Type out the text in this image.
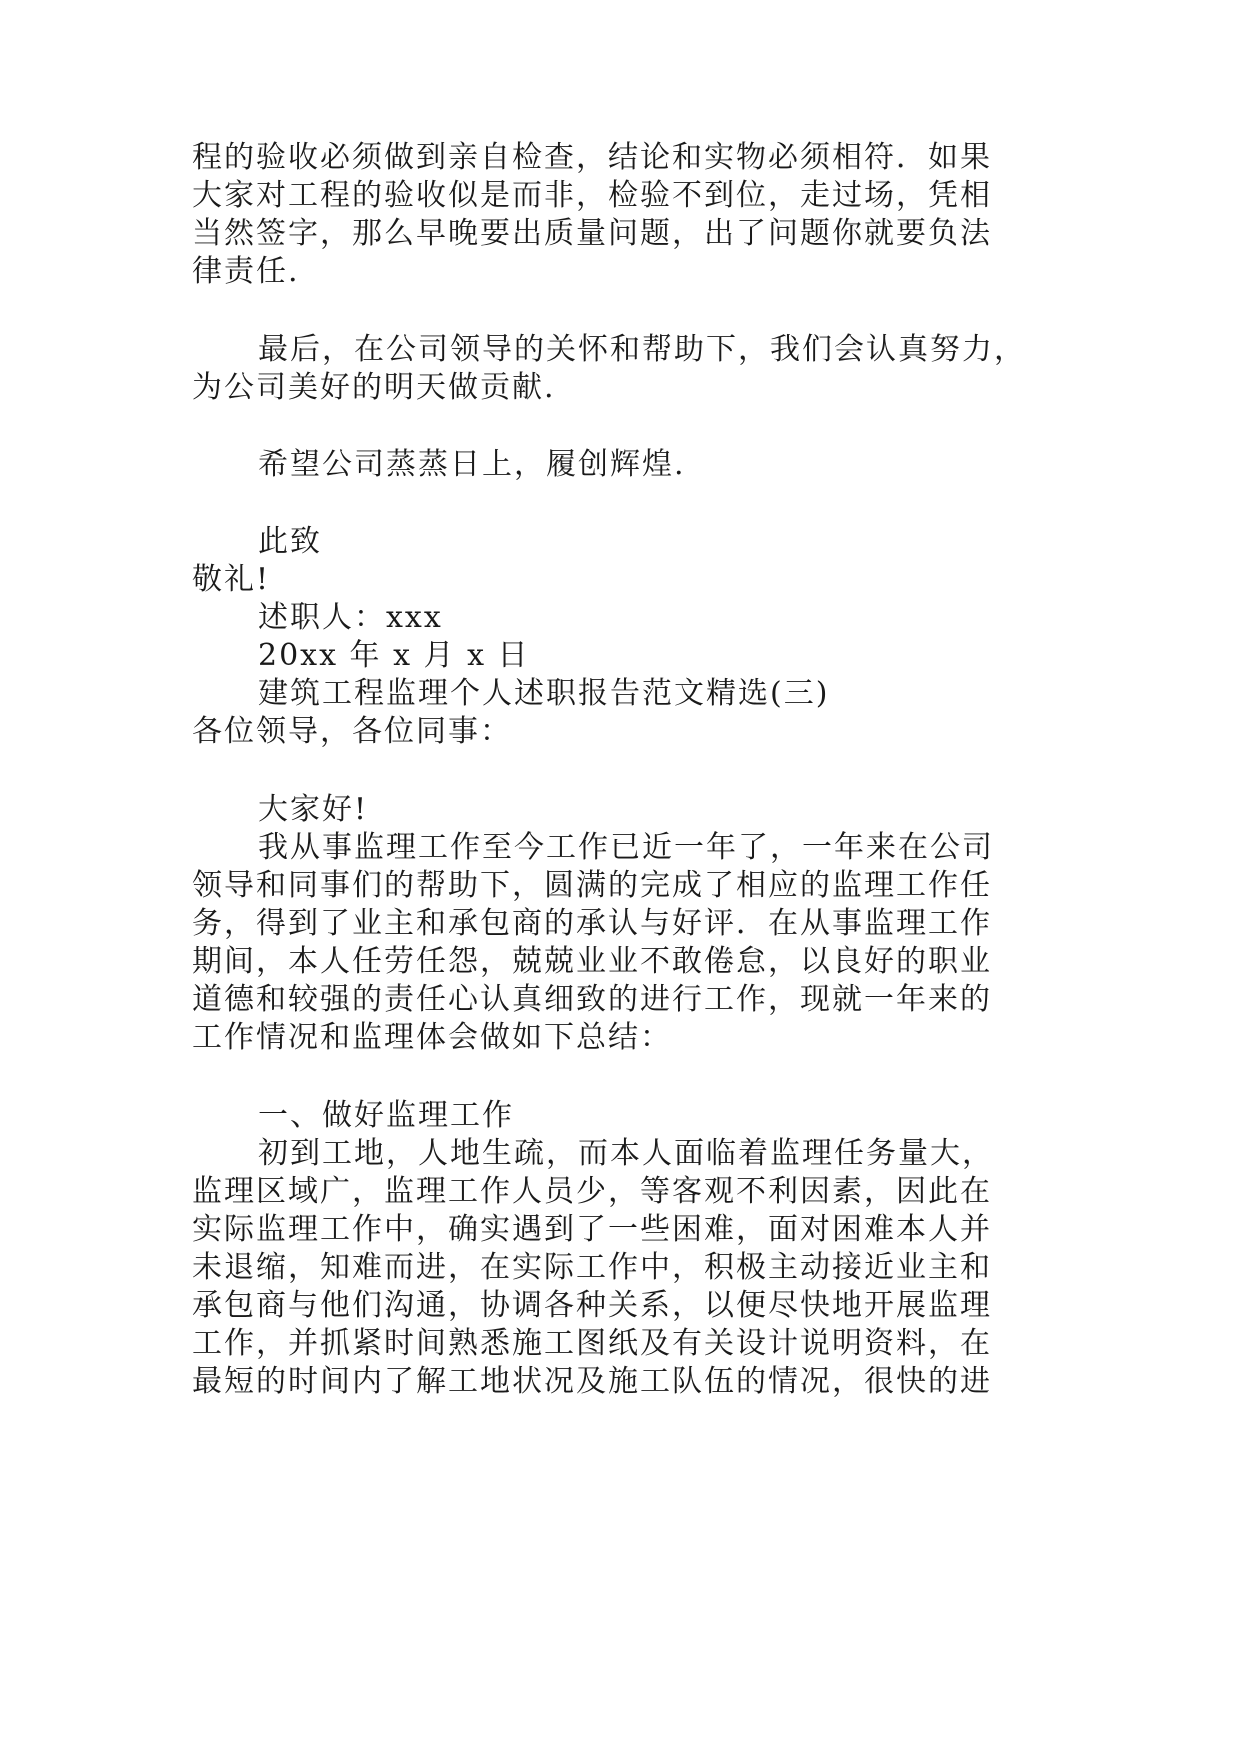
程的验收必须做到亲自检查，结论和实物必须相符．如果
大家对工程的验收似是而非，检验不到位，走过场，凭相
当然签字，那么早晚要出质量问题，出了问题你就要负法
律责任.
最后，在公司领导的关怀和帮助下，我们会认真努力，
为公司美好的明天做贡献.
希望公司蒸蒸日上，履创辉煌.
此致
敬礼!
述职人：xxx
20xx 年 x 月 x 日
建筑工程监理个人述职报告范文精选(三)
各位领导，各位同事：
大家好!
我从事监理工作至今工作已近一年了，一年来在公司
领导和同事们的帮助下，圆满的完成了相应的监理工作任
务，得到了业主和承包商的承认与好评．在从事监理工作
期间，本人任劳任怨，兢兢业业不敢倦怠，以良好的职业
道德和较强的责任心认真细致的进行工作，现就一年来的
工作情况和监理体会做如下总结：
一、做好监理工作
初到工地，人地生疏，而本人面临着监理任务量大，
监理区域广，监理工作人员少，等客观不利因素，因此在
实际监理工作中，确实遇到了一些困难，面对困难本人并
未退缩，知难而进，在实际工作中，积极主动接近业主和
承包商与他们沟通，协调各种关系，以便尽快地开展监理
工作，并抓紧时间熟悉施工图纸及有关设计说明资料，在
最短的时间内了解工地状况及施工队伍的情况，很快的进
